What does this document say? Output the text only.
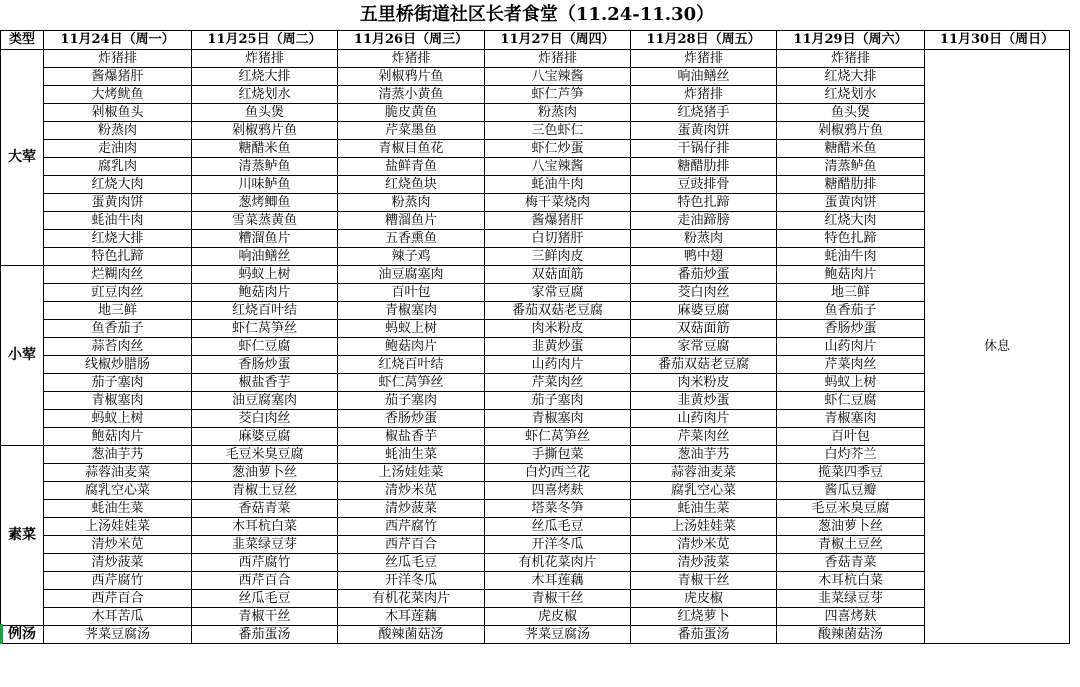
五里桥街道社区长者食堂（11.24-11.30）
类型	11月24日（周一）	11月25日（周二）	11月26日（周三）	11月27日（周四）	11月28日（周五）	11月29日（周六）	11月30日（周日）
大荤	炸猪排	炸猪排	炸猪排	炸猪排	炸猪排	炸猪排	休息
	酱爆猪肝	红烧大排	剁椒鸦片鱼	八宝辣酱	响油鳝丝	红烧大排	
	大烤鱿鱼	红烧划水	清蒸小黄鱼	虾仁芦笋	炸猪排	红烧划水	
	剁椒鱼头	鱼头煲	脆皮黄鱼	粉蒸肉	红烧猪手	鱼头煲	
	粉蒸肉	剁椒鸦片鱼	芹菜墨鱼	三色虾仁	蛋黄肉饼	剁椒鸦片鱼	
	走油肉	糖醋米鱼	青椒目鱼花	虾仁炒蛋	干锅仔排	糖醋米鱼	
	腐乳肉	清蒸鲈鱼	盐鲜青鱼	八宝辣酱	糖醋肋排	清蒸鲈鱼	
	红烧大肉	川味鲈鱼	红烧鱼块	蚝油牛肉	豆豉排骨	糖醋肋排	
	蛋黄肉饼	葱烤鲫鱼	粉蒸肉	梅干菜烧肉	特色扎蹄	蛋黄肉饼	
	蚝油牛肉	雪菜蒸黄鱼	糟溜鱼片	酱爆猪肝	走油蹄膀	红烧大肉	
	红烧大排	糟溜鱼片	五香熏鱼	白切猪肝	粉蒸肉	特色扎蹄	
	特色扎蹄	响油鳝丝	辣子鸡	三鲜肉皮	鸭中翅	蚝油牛肉	
小荤	烂糊肉丝	蚂蚁上树	油豆腐塞肉	双菇面筋	番茄炒蛋	鲍菇肉片	
	豇豆肉丝	鲍菇肉片	百叶包	家常豆腐	茭白肉丝	地三鲜	
	地三鲜	红烧百叶结	青椒塞肉	番茄双菇老豆腐	麻婆豆腐	鱼香茄子	
	鱼香茄子	虾仁莴笋丝	蚂蚁上树	肉米粉皮	双菇面筋	香肠炒蛋	
	蒜苔肉丝	虾仁豆腐	鲍菇肉片	韭黄炒蛋	家常豆腐	山药肉片	
	线椒炒腊肠	香肠炒蛋	红烧百叶结	山药肉片	番茄双菇老豆腐	芹菜肉丝	
	茄子塞肉	椒盐香芋	虾仁莴笋丝	芹菜肉丝	肉米粉皮	蚂蚁上树	
	青椒塞肉	油豆腐塞肉	茄子塞肉	茄子塞肉	韭黄炒蛋	虾仁豆腐	
	蚂蚁上树	茭白肉丝	香肠炒蛋	青椒塞肉	山药肉片	青椒塞肉	
	鲍菇肉片	麻婆豆腐	椒盐香芋	虾仁莴笋丝	芹菜肉丝	百叶包	
素菜	葱油芋艿	毛豆米臭豆腐	蚝油生菜	手撕包菜	葱油芋艿	白灼芥兰	
	蒜蓉油麦菜	葱油萝卜丝	上汤娃娃菜	白灼西兰花	蒜蓉油麦菜	揽菜四季豆	
	腐乳空心菜	青椒土豆丝	清炒米苋	四喜烤麸	腐乳空心菜	酱瓜豆瓣	
	蚝油生菜	香菇青菜	清炒菠菜	塔菜冬笋	蚝油生菜	毛豆米臭豆腐	
	上汤娃娃菜	木耳杭白菜	西芹腐竹	丝瓜毛豆	上汤娃娃菜	葱油萝卜丝	
	清炒米苋	韭菜绿豆芽	西芹百合	开洋冬瓜	清炒米苋	青椒土豆丝	
	清炒菠菜	西芹腐竹	丝瓜毛豆	有机花菜肉片	清炒菠菜	香菇青菜	
	西芹腐竹	西芹百合	开洋冬瓜	木耳莲藕	青椒干丝	木耳杭白菜	
	西芹百合	丝瓜毛豆	有机花菜肉片	青椒干丝	虎皮椒	韭菜绿豆芽	
	木耳苦瓜	青椒干丝	木耳莲藕	虎皮椒	红烧萝卜	四喜烤麸	
例汤	荠菜豆腐汤	番茄蛋汤	酸辣菌菇汤	荠菜豆腐汤	番茄蛋汤	酸辣菌菇汤	
